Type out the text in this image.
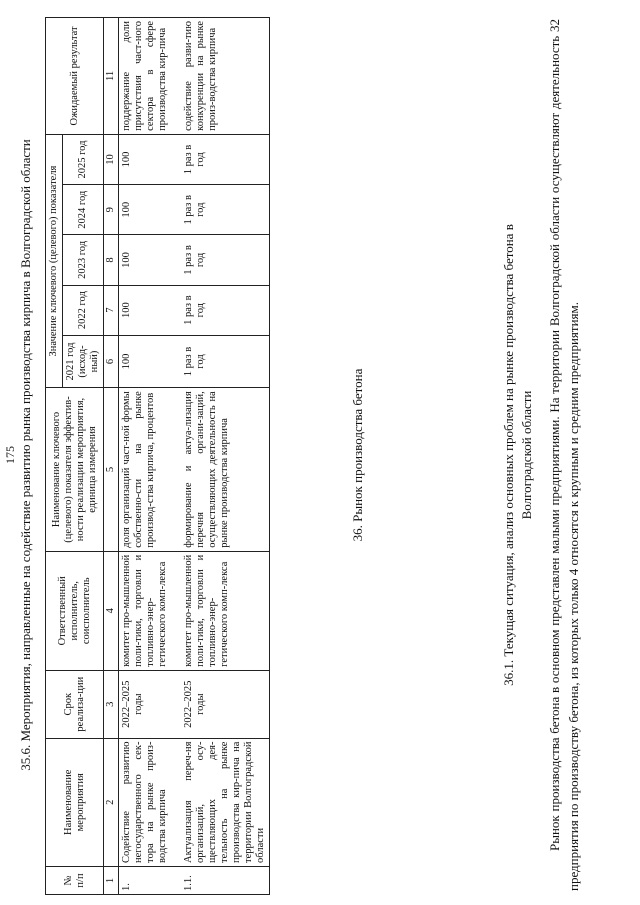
175 35.6. Мероприятия, направленные на содействие развитию рынка производства кирпича в Волгоградской области
№ п/п	Наименование мероприятия	Срок реализа-ции	Ответственный исполнитель, соисполнитель	Наименование ключевого (целевого) показателя эффектив-ности реализации мероприятия, единица измерения	Значение ключевого (целевого) показателя					Ожидаемый результат
					2021 год (исход-ный)	2022 год	2023 год	2024 год	2025 год	
1	2	3	4	5	6	7	8	9	10	11
1.	Содействие развитию негосударственного сек-тора на рынке произ-водства кирпича	2022–2025 годы	комитет про-мышленной поли-тики, торговли и топливно-энер-гетического комп-лекса	доля организаций част-ной формы собственно-сти на рынке производ-ства кирпича, процентов	100	100	100	100	100	поддержание доли присутствия част-ного сектора в сфере производства кир-пича
1.1.	Актуализация переч-ня организаций, осу-ществляющих дея-тельность на рынке производства кир-пича на территории Волгоградской области	2022–2025 годы	комитет про-мышленной поли-тики, торговли и топливно-энер-гетического комп-лекса	формирование и актуа-лизация перечня органи-заций, осуществляющих деятельность на рынке производства кирпича	1 раз в год	1 раз в год	1 раз в год	1 раз в год	1 раз в год	содействие разви-тию конкуренции на рынке произ-водства кирпича
36. Рынок производства бетона	36.1. Текущая ситуация, анализ основных проблем на рынке производства бетона в Волгоградской области Рынок производства бетона в основном представлен малыми предприятиями. На территории Волгоградской области осуществляют деятельность 32 предприятия по производству бетона, из которых только 4 относятся к крупным и средним предприятиям.
